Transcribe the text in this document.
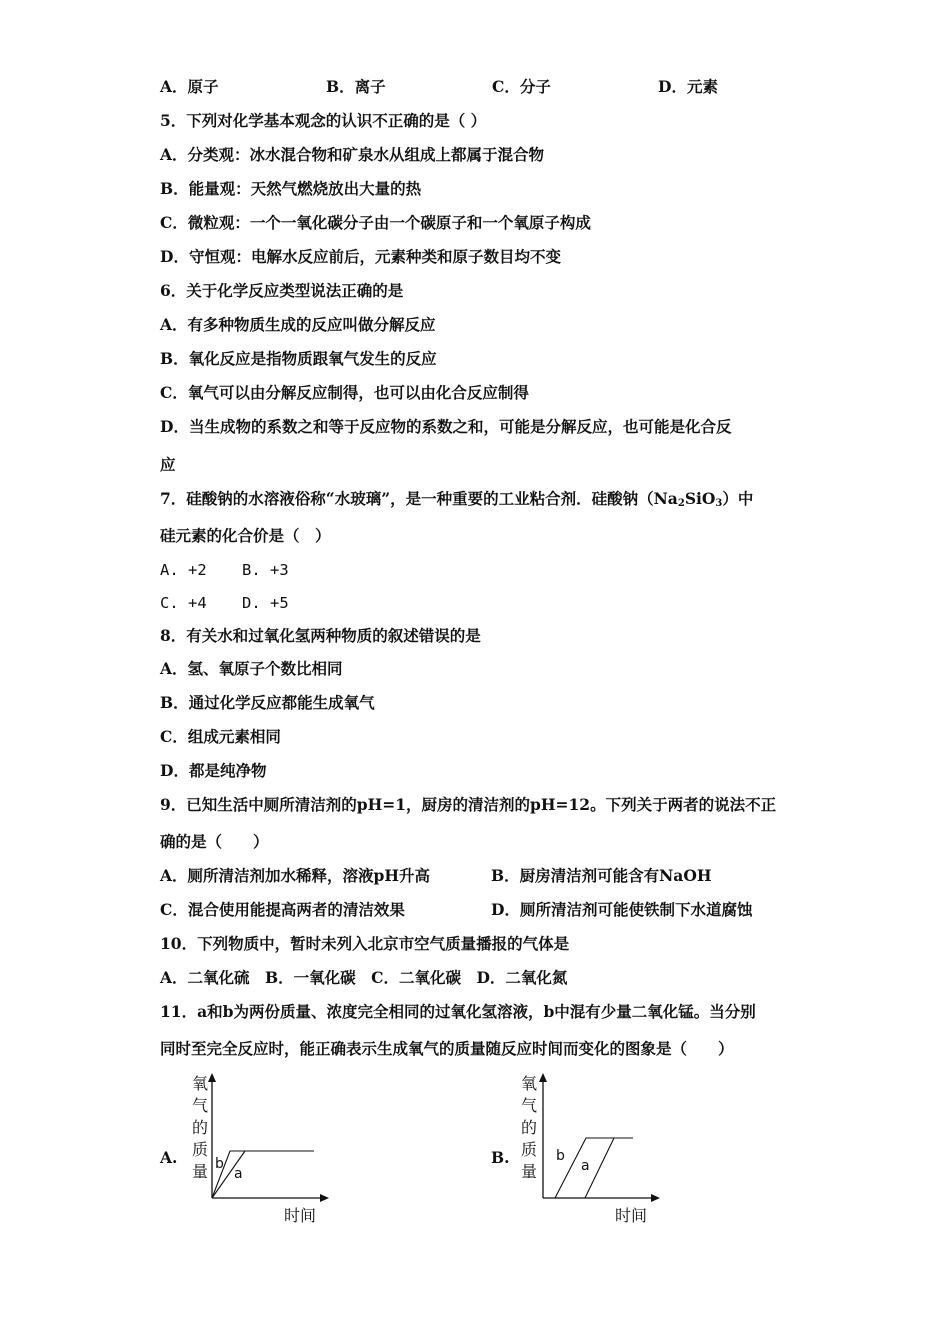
A．原子	B．离子	C．分子	D．元素
5．下列对化学基本观念的认识不正确的是（ ）
A．分类观：冰水混合物和矿泉水从组成上都属于混合物
B．能量观：天然气燃烧放出大量的热
C．微粒观：一个一氧化碳分子由一个碳原子和一个氧原子构成
D．守恒观：电解水反应前后，元素种类和原子数目均不变
6．关于化学反应类型说法正确的是
A．有多种物质生成的反应叫做分解反应
B．氧化反应是指物质跟氧气发生的反应
C．氧气可以由分解反应制得，也可以由化合反应制得
D．当生成物的系数之和等于反应物的系数之和，可能是分解反应，也可能是化合反
应
7．硅酸钠的水溶液俗称“水玻璃”，是一种重要的工业粘合剂．硅酸钠$(Na_2SiO_3)$中
硅元素的化合价是（　）
A. +2 B. +3
C. +4 D. +5
8．有关水和过氧化氢两种物质的叙述错误的是
A．氢、氧原子个数比相同
B．通过化学反应都能生成氧气
C．组成元素相同
D．都是纯净物
9．已知生活中厕所清洁剂的pH=1，厨房的清洁剂的pH=12。下列关于两者的说法不正
确的是（　　）
A．厕所清洁剂加水稀释，溶液pH升高	B．厨房清洁剂可能含有NaOH
C．混合使用能提高两者的清洁效果	D．厕所清洁剂可能使铁制下水道腐蚀
10．下列物质中，暂时未列入北京市空气质量播报的气体是
A．二氧化硫　B．一氧化碳　C．二氧化碳　D．二氧化氮
11．a和b为两份质量、浓度完全相同的过氧化氢溶液，b中混有少量二氧化锰。当分别
同时至完全反应时，能正确表示生成氧气的质量随反应时间而变化的图象是（　　）
A.
氧
气
的
质
量 b
a
时间
B.
氧
气
的
质
量
b
a
时间
